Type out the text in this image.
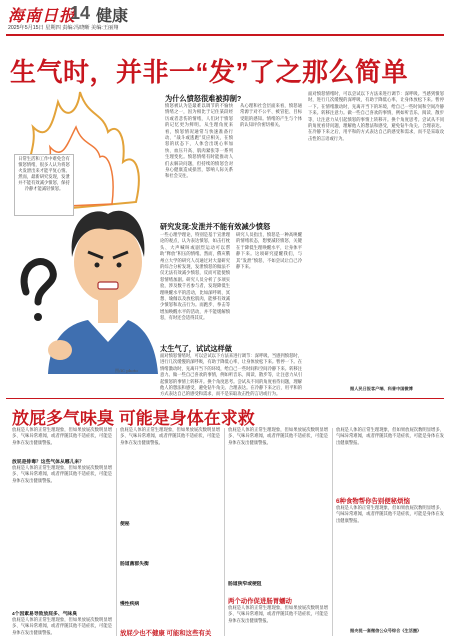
海南日报
14 健康
2025年5月15日 星期四 责编:冯晓晰 美编:王丽翔
生气时，并非一“发”了之那么简单
日常生活和工作中难免会有愤怒情绪，很多人认为将怒火发泄出来才能平复心情。然而，最新研究发现，发泄并不能有效减少愤怒，保持冷静才能减轻愤怒。
图/IC photo
为什么愤怒很难被抑制?
愤怒被认为是最难以调节的不愉快情绪之一，因为相比于记住某段经历或者悲伤的情绪，人们对于愤怒的记忆更为鲜明。从生理角度来看，愤怒情况通常与快速准备行动、“战斗或逃跑”反应相关，在愤怒的状态下，人体会出现心率加快、血压升高、肌肉紧张等一系列生理变化。愤怒情绪有时能推动人们去解决问题，但持续的愤怒会对身心健康造成损害，影响人际关系和社会交往。
从心理和社会层面来看，愤怒通常源于对不公平、被冒犯、目标受阻的感知。情绪的产生与个体的认知评价密切相关。
研究发现:发泄并不能有效减少愤怒
一些心理学理论，特别是基于宣泄理论的观点，认为表达愤怒，如击打枕头、大声喊叫或剧烈运动可以帮助“释放”积压的情绪。然而，俄亥俄州立大学的研究人员通过对大量研究的综合分析发现，发泄愤怒的做法不仅无法有效减少愤怒，反而可能使愤怒情绪加剧。研究人员分析了多项实验，涉及数千名参与者，发现降低生理唤醒水平的活动，比如深呼吸、冥想、瑜伽以及放松肌肉，能够有效减少愤怒和攻击行为。而跑步、拳击等增加唤醒水平的活动，并不能缓解愤怒，有时还会适得其反。
研究人员指出，愤怒是一种高唤醒的情绪状态，想要减轻愤怒，关键在于降低生理唤醒水平，让身体平静下来。这项研究提醒我们，与其“发泄”愤怒，不如尝试让自己冷静下来。
太生气了，试试这样做
面对愤怒情绪时，可以尝试以下方法来进行调节：深呼吸。当感到愤怒时，进行几次缓慢的深呼吸，有助于降低心率，让身体放松下来。暂停一下。在情绪激动时，先离开当下的环境，给自己一些时间和空间冷静下来。转移注意力。做一些自己喜欢的事情，例如听音乐、阅读、散步等，让注意力从引起愤怒的事情上转移开。换个角度思考。尝试从不同的角度看待问题，理解他人的想法和感受，避免钻牛角尖。合理表达。在冷静下来之后，用平和的方式表达自己的感受和需求，而不是采取攻击性的言语或行为。
面对愤怒情绪时，可以尝试以下方法来进行调节：深呼吸。当感到愤怒时，进行几次缓慢的深呼吸，有助于降低心率，让身体放松下来。暂停一下。在情绪激动时，先离开当下的环境，给自己一些时间和空间冷静下来。转移注意力。做一些自己喜欢的事情，例如听音乐、阅读、散步等，让注意力从引起愤怒的事情上转移开。换个角度思考。尝试从不同的角度看待问题，理解他人的想法和感受，避免钻牛角尖。合理表达。在冷静下来之后，用平和的方式表达自己的感受和需求，而不是采取攻击性的言语或行为。
据人民日报客户端、科普中国微博
放屁多气味臭 可能是身体在求救
放屁是人体的正常生理现象，但如果放屁次数明显增多、气味异常难闻，或者伴随其他不适症状，可能是身体在发出健康警报。
放屁是排毒？这些气体从哪儿来？
放屁是人体的正常生理现象，但如果放屁次数明显增多、气味异常难闻，或者伴随其他不适症状，可能是身体在发出健康警报。
4个因素易导致放屁多、气味臭
放屁是人体的正常生理现象，但如果放屁次数明显增多、气味异常难闻，或者伴随其他不适症状，可能是身体在发出健康警报。
放屁是人体的正常生理现象，但如果放屁次数明显增多、气味异常难闻，或者伴随其他不适症状，可能是身体在发出健康警报。
便秘
肠道菌群失衡
慢性疾病
放屁少也不健康 可能和这些有关
放屁是人体的正常生理现象，但如果放屁次数明显增多、气味异常难闻，或者伴随其他不适症状，可能是身体在发出健康警报。
肠道狭窄或梗阻
两个动作促进肠胃蠕动
放屁是人体的正常生理现象，但如果放屁次数明显增多、气味异常难闻，或者伴随其他不适症状，可能是身体在发出健康警报。
放屁是人体的正常生理现象，但如果放屁次数明显增多、气味异常难闻，或者伴随其他不适症状，可能是身体在发出健康警报。
6种食物帮你告别便秘烦恼
放屁是人体的正常生理现象，但如果放屁次数明显增多、气味异常难闻，或者伴随其他不适症状，可能是身体在发出健康警报。
据央视一套微信公众号综合《生活圈》
